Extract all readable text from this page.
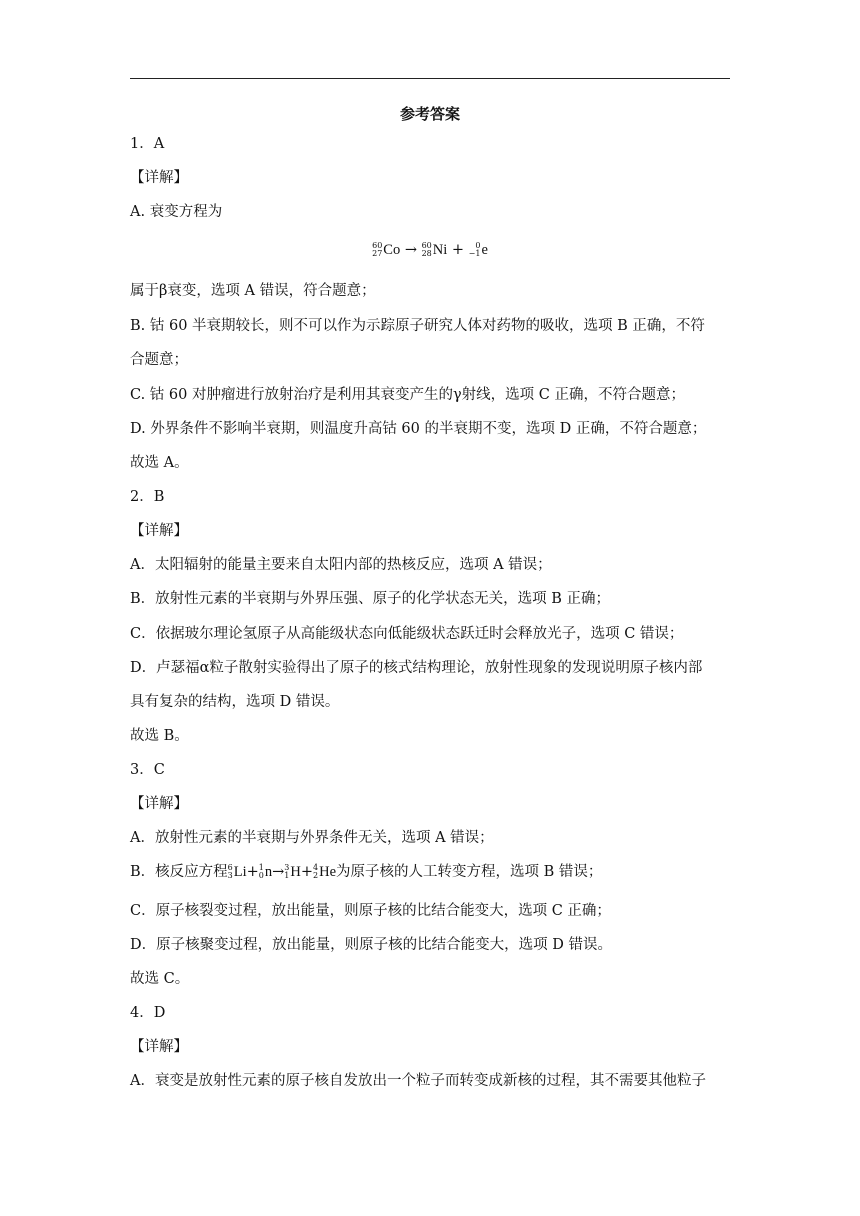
参考答案
1．A
【详解】
A. 衰变方程为
60
27 Co → 60
28 Ni + 0
−1 e
属于β衰变，选项 A 错误，符合题意；
B. 钴 60 半衰期较长，则不可以作为示踪原子研究人体对药物的吸收，选项 B 正确，不符
合题意；
C. 钴 60 对肿瘤进行放射治疗是利用其衰变产生的γ射线，选项 C 正确，不符合题意；
D. 外界条件不影响半衰期，则温度升高钴 60 的半衰期不变，选项 D 正确，不符合题意；
故选 A。
2．B
【详解】
A．太阳辐射的能量主要来自太阳内部的热核反应，选项 A 错误；
B．放射性元素的半衰期与外界压强、原子的化学状态无关，选项 B 正确；
C．依据玻尔理论氢原子从高能级状态向低能级状态跃迁时会释放光子，选项 C 错误；
D．卢瑟福α粒子散射实验得出了原子的核式结构理论，放射性现象的发现说明原子核内部
具有复杂的结构，选项 D 错误。
故选 B。
3．C
【详解】
A．放射性元素的半衰期与外界条件无关，选项 A 错误；
B．核反应方程 6
3 Li + 1
0 n → 3
1 H + 4
2 He 为原子核的人工转变方程，选项 B 错误；
C．原子核裂变过程，放出能量，则原子核的比结合能变大，选项 C 正确；
D．原子核聚变过程，放出能量，则原子核的比结合能变大，选项 D 错误。
故选 C。
4．D
【详解】
A．衰变是放射性元素的原子核自发放出一个粒子而转变成新核的过程，其不需要其他粒子
